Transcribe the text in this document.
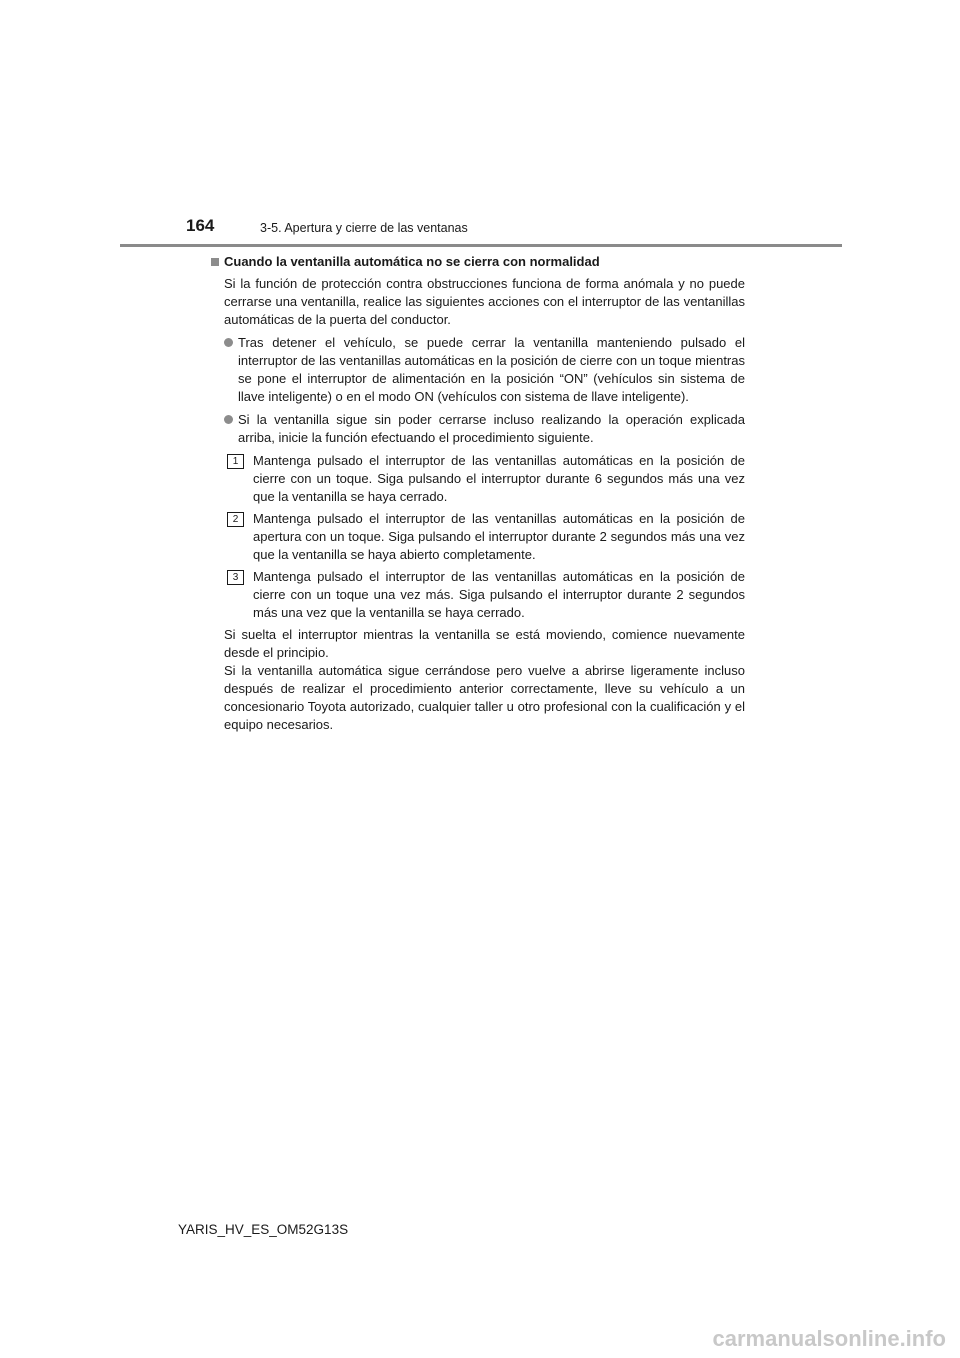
164	3-5. Apertura y cierre de las ventanas
Cuando la ventanilla automática no se cierra con normalidad
Si la función de protección contra obstrucciones funciona de forma anómala y no puede cerrarse una ventanilla, realice las siguientes acciones con el interruptor de las ventanillas automáticas de la puerta del conductor.
Tras detener el vehículo, se puede cerrar la ventanilla manteniendo pulsado el interruptor de las ventanillas automáticas en la posición de cierre con un toque mientras se pone el interruptor de alimentación en la posición “ON” (vehículos sin sistema de llave inteligente) o en el modo ON (vehículos con sistema de llave inteligente).
Si la ventanilla sigue sin poder cerrarse incluso realizando la operación explicada arriba, inicie la función efectuando el procedimiento siguiente.
1	Mantenga pulsado el interruptor de las ventanillas automáticas en la posición de cierre con un toque. Siga pulsando el interruptor durante 6 segundos más una vez que la ventanilla se haya cerrado.
2	Mantenga pulsado el interruptor de las ventanillas automáticas en la posición de apertura con un toque. Siga pulsando el interruptor durante 2 segundos más una vez que la ventanilla se haya abierto completamente.
3	Mantenga pulsado el interruptor de las ventanillas automáticas en la posición de cierre con un toque una vez más. Siga pulsando el interruptor durante 2 segundos más una vez que la ventanilla se haya cerrado.

Si suelta el interruptor mientras la ventanilla se está moviendo, comience nuevamente desde el principio.

Si la ventanilla automática sigue cerrándose pero vuelve a abrirse ligeramente incluso después de realizar el procedimiento anterior correctamente, lleve su vehículo a un concesionario Toyota autorizado, cualquier taller u otro profesional con la cualificación y el equipo necesarios.

YARIS_HV_ES_OM52G13S
carmanualsonline.info
